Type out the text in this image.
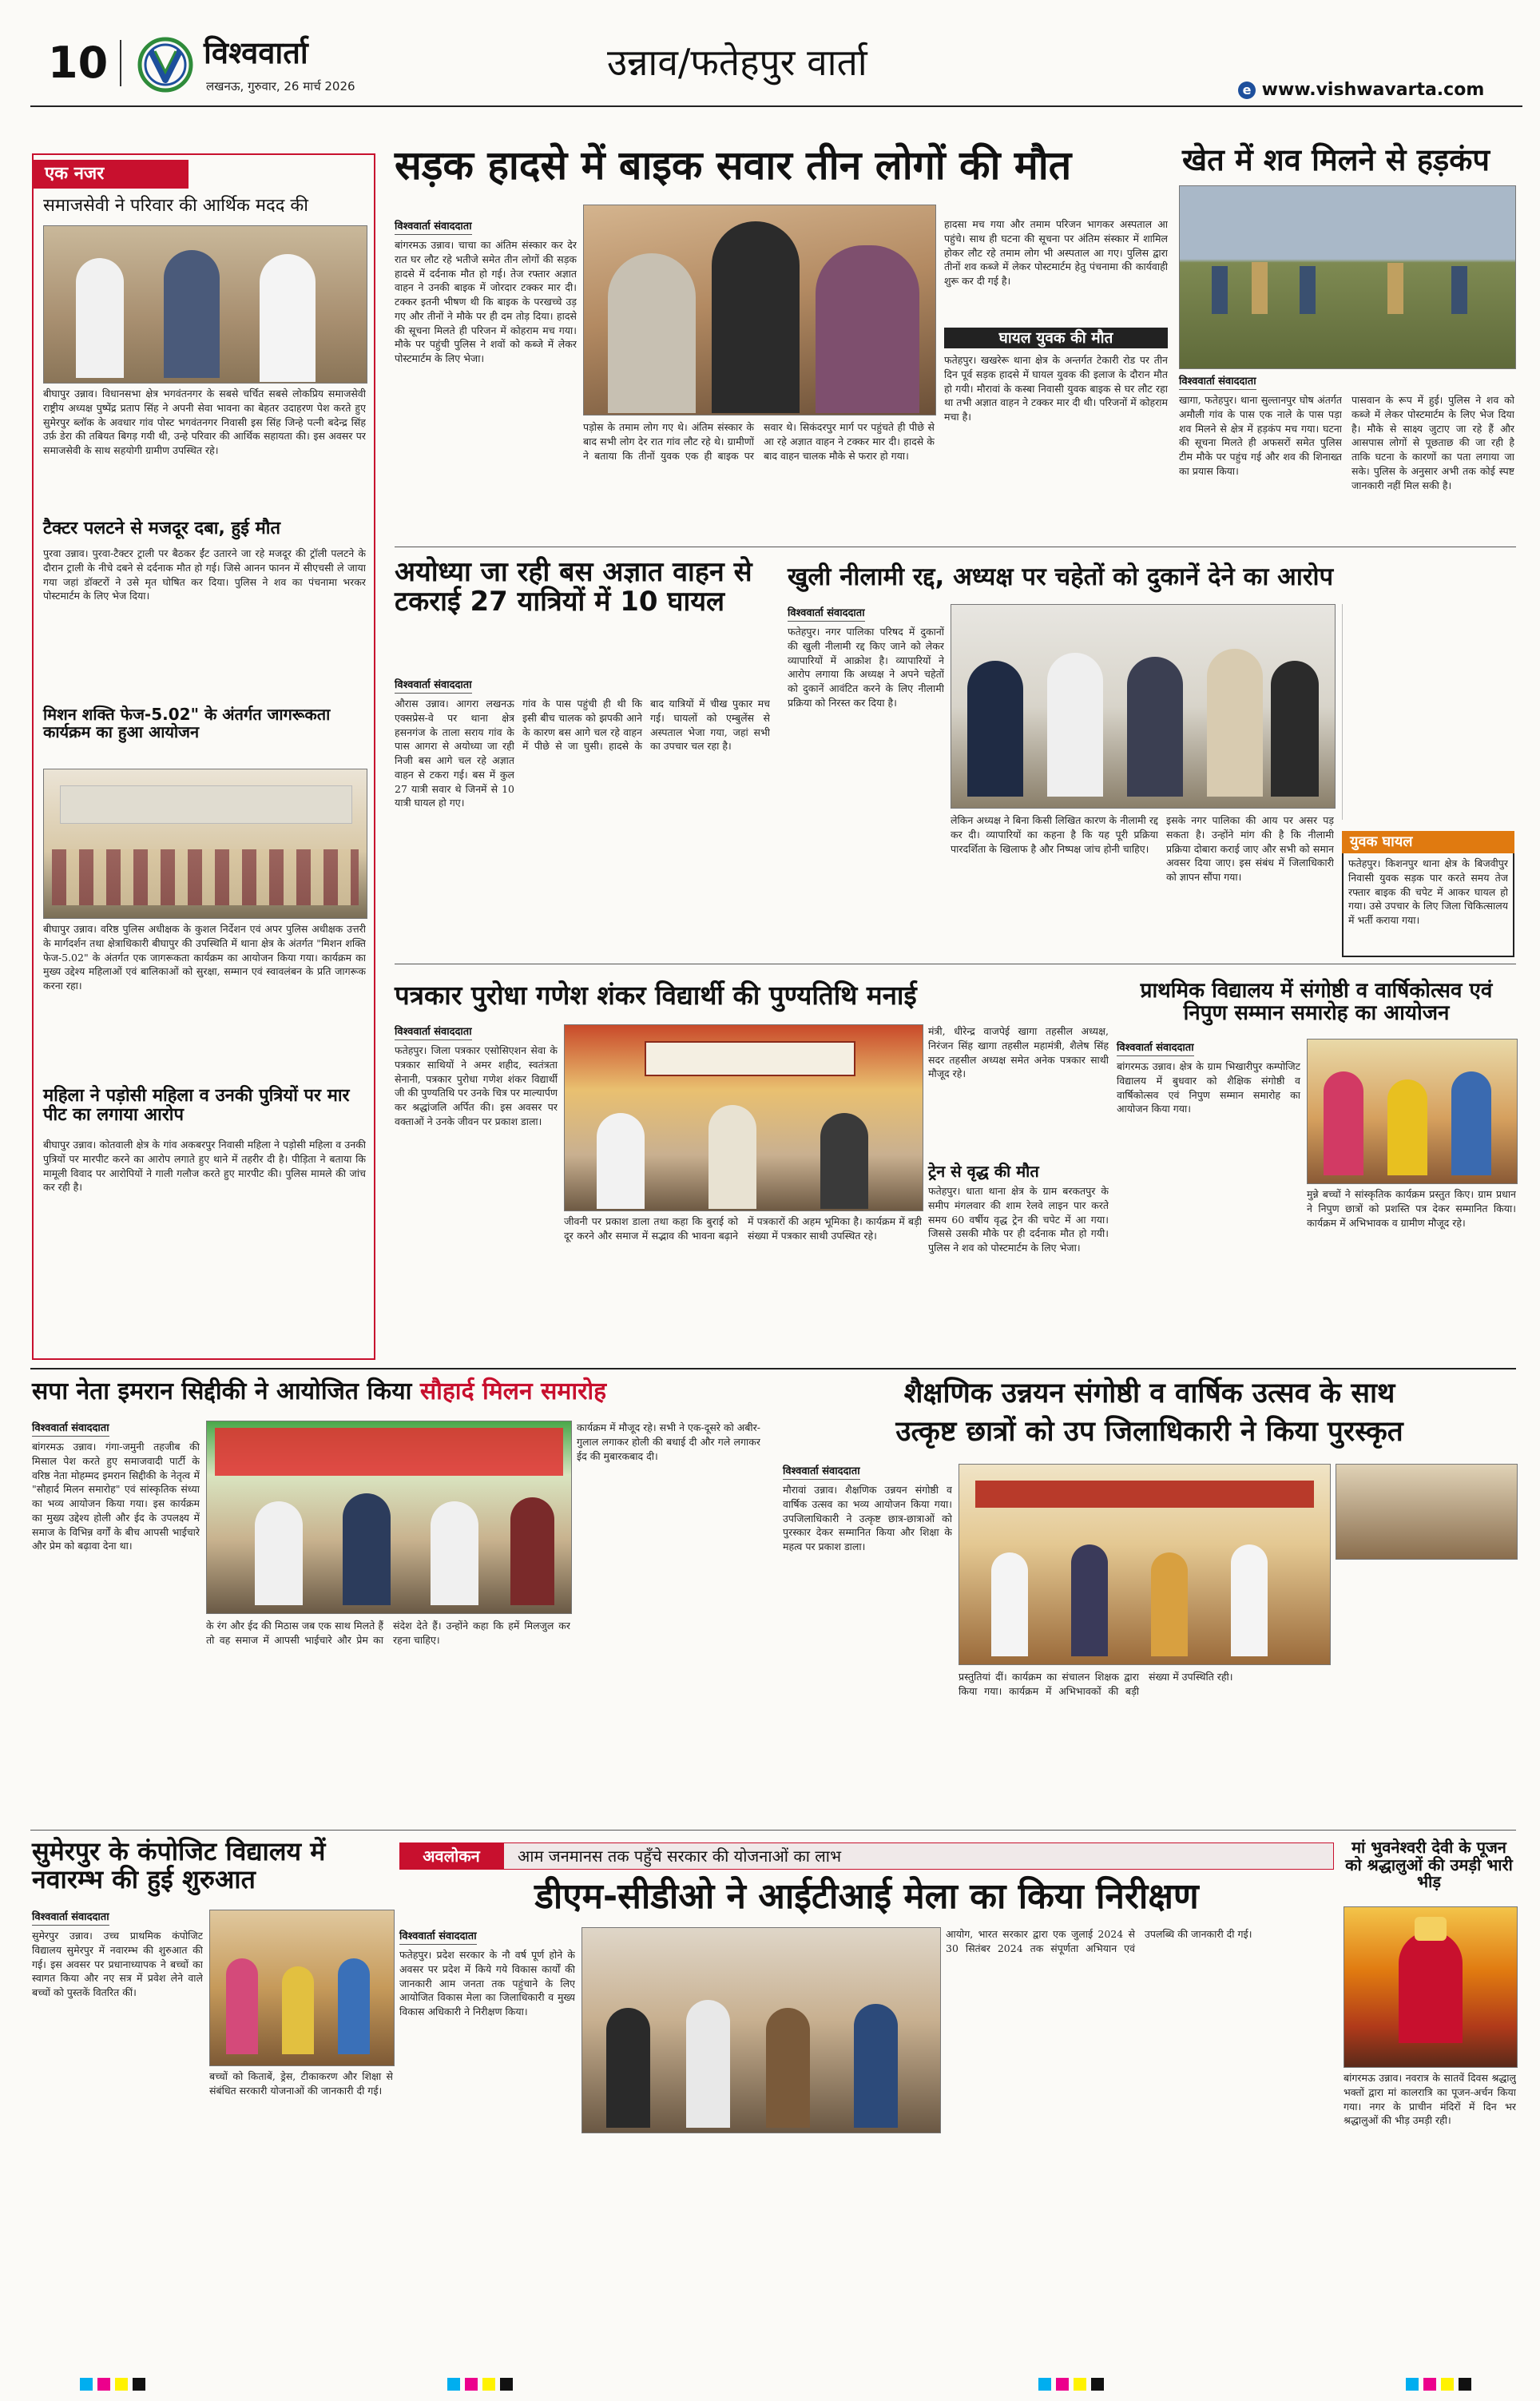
10	विश्ववार्ता
लखनऊ, गुरुवार, 26 मार्च 2026
उन्नाव/फतेहपुर वार्ता
e www.vishwavarta.com
एक नजर
समाजसेवी ने परिवार की आर्थिक मदद की
बीघापुर उन्नाव। विधानसभा क्षेत्र भगवंतनगर के सबसे चर्चित सबसे लोकप्रिय समाजसेवी राष्ट्रीय अध्यक्ष पुष्पेंद्र प्रताप सिंह ने अपनी सेवा भावना का बेहतर उदाहरण पेश करते हुए सुमेरपुर ब्लॉक के अवधार गांव पोस्ट भगवंतनगर निवासी इस सिंह जिन्हे पत्नी बदेन्द्र सिंह उर्फ़ डेरा की तबियत बिगड़ गयी थी, उन्हे परिवार की आर्थिक सहायता की। इस अवसर पर समाजसेवी के साथ सहयोगी ग्रामीण उपस्थित रहे।
टैक्टर पलटने से मजदूर दबा, हुई मौत
पुरवा उन्नाव। पुरवा-टैक्टर ट्राली पर बैठकर ईंट उतारने जा रहे मजदूर की ट्रॉली पलटने के दौरान ट्राली के नीचे दबने से दर्दनाक मौत हो गई। जिसे आनन फानन में सीएचसी ले जाया गया जहां डॉक्टरों ने उसे मृत घोषित कर दिया। पुलिस ने शव का पंचनामा भरकर पोस्टमार्टम के लिए भेज दिया।
मिशन शक्ति फेज-5.02" के अंतर्गत जागरूकता कार्यक्रम का हुआ आयोजन
बीघापुर उन्नाव। वरिष्ठ पुलिस अधीक्षक के कुशल निर्देशन एवं अपर पुलिस अधीक्षक उत्तरी के मार्गदर्शन तथा क्षेत्राधिकारी बीघापुर की उपस्थिति में थाना क्षेत्र के अंतर्गत "मिशन शक्ति फेज-5.02" के अंतर्गत एक जागरूकता कार्यक्रम का आयोजन किया गया। कार्यक्रम का मुख्य उद्देश्य महिलाओं एवं बालिकाओं को सुरक्षा, सम्मान एवं स्वावलंबन के प्रति जागरूक करना रहा।
महिला ने पड़ोसी महिला व उनकी पुत्रियों पर मार पीट का लगाया आरोप
बीघापुर उन्नाव। कोतवाली क्षेत्र के गांव अकबरपुर निवासी महिला ने पड़ोसी महिला व उनकी पुत्रियों पर मारपीट करने का आरोप लगाते हुए थाने में तहरीर दी है। पीड़िता ने बताया कि मामूली विवाद पर आरोपियों ने गाली गलौज करते हुए मारपीट की। पुलिस मामले की जांच कर रही है।
सड़क हादसे में बाइक सवार तीन लोगों की मौत
विश्ववार्ता संवाददाता
बांगरमऊ उन्नाव। चाचा का अंतिम संस्कार कर देर रात घर लौट रहे भतीजे समेत तीन लोगों की सड़क हादसे में दर्दनाक मौत हो गई। तेज रफ्तार अज्ञात वाहन ने उनकी बाइक में जोरदार टक्कर मार दी। टक्कर इतनी भीषण थी कि बाइक के परखच्चे उड़ गए और तीनों ने मौके पर ही दम तोड़ दिया। हादसे की सूचना मिलते ही परिजन में कोहराम मच गया। मौके पर पहुंची पुलिस ने शवों को कब्जे में लेकर पोस्टमार्टम के लिए भेजा।
पड़ोस के तमाम लोग गए थे। अंतिम संस्कार के बाद सभी लोग देर रात गांव लौट रहे थे। ग्रामीणों ने बताया कि तीनों युवक एक ही बाइक पर सवार थे। सिकंदरपुर मार्ग पर पहुंचते ही पीछे से आ रहे अज्ञात वाहन ने टक्कर मार दी। हादसे के बाद वाहन चालक मौके से फरार हो गया।
हादसा मच गया और तमाम परिजन भागकर अस्पताल आ पहुंचे। साथ ही घटना की सूचना पर अंतिम संस्कार में शामिल होकर लौट रहे तमाम लोग भी अस्पताल आ गए। पुलिस द्वारा तीनों शव कब्जे में लेकर पोस्टमार्टम हेतु पंचनामा की कार्यवाही शुरू कर दी गई है।
घायल युवक की मौत
फतेहपुर। खखरेरू थाना क्षेत्र के अन्तर्गत टेकारी रोड पर तीन दिन पूर्व सड़क हादसे में घायल युवक की इलाज के दौरान मौत हो गयी। मौरावां के कस्बा निवासी युवक बाइक से घर लौट रहा था तभी अज्ञात वाहन ने टक्कर मार दी थी। परिजनों में कोहराम मचा है।
खेत में शव मिलने से हड़कंप
विश्ववार्ता संवाददाता
खागा, फतेहपुर। थाना सुल्तानपुर घोष अंतर्गत अमौली गांव के पास एक नाले के पास पड़ा शव मिलने से क्षेत्र में हड़कंप मच गया। घटना की सूचना मिलते ही अफसरों समेत पुलिस टीम मौके पर पहुंच गई और शव की शिनाख्त का प्रयास किया।
पासवान के रूप में हुई। पुलिस ने शव को कब्जे में लेकर पोस्टमार्टम के लिए भेज दिया है। मौके से साक्ष्य जुटाए जा रहे हैं और आसपास लोगों से पूछताछ की जा रही है ताकि घटना के कारणों का पता लगाया जा सके। पुलिस के अनुसार अभी तक कोई स्पष्ट जानकारी नहीं मिल सकी है।
अयोध्या जा रही बस अज्ञात वाहन से टकराई 27 यात्रियों में 10 घायल
विश्ववार्ता संवाददाता
औरास उन्नाव। आगरा लखनऊ एक्सप्रेस-वे पर थाना क्षेत्र हसनगंज के ताला सराय गांव के पास आगरा से अयोध्या जा रही निजी बस आगे चल रहे अज्ञात वाहन से टकरा गई। बस में कुल 27 यात्री सवार थे जिनमें से 10 यात्री घायल हो गए।
गांव के पास पहुंची ही थी कि इसी बीच चालक को झपकी आने के कारण बस आगे चल रहे वाहन में पीछे से जा घुसी। हादसे के बाद यात्रियों में चीख पुकार मच गई। घायलों को एम्बुलेंस से अस्पताल भेजा गया, जहां सभी का उपचार चल रहा है।
खुली नीलामी रद्द, अध्यक्ष पर चहेतों को दुकानें देने का आरोप
विश्ववार्ता संवाददाता
फतेहपुर। नगर पालिका परिषद में दुकानों की खुली नीलामी रद्द किए जाने को लेकर व्यापारियों में आक्रोश है। व्यापारियों ने आरोप लगाया कि अध्यक्ष ने अपने चहेतों को दुकानें आवंटित करने के लिए नीलामी प्रक्रिया को निरस्त कर दिया है।
लेकिन अध्यक्ष ने बिना किसी लिखित कारण के नीलामी रद्द कर दी। व्यापारियों का कहना है कि यह पूरी प्रक्रिया पारदर्शिता के खिलाफ है और निष्पक्ष जांच होनी चाहिए।
इसके नगर पालिका की आय पर असर पड़ सकता है। उन्होंने मांग की है कि नीलामी प्रक्रिया दोबारा कराई जाए और सभी को समान अवसर दिया जाए। इस संबंध में जिलाधिकारी को ज्ञापन सौंपा गया।
युवक घायल
फतेहपुर। किशनपुर थाना क्षेत्र के बिजवीपुर निवासी युवक सड़क पार करते समय तेज रफ्तार बाइक की चपेट में आकर घायल हो गया। उसे उपचार के लिए जिला चिकित्सालय में भर्ती कराया गया।
पत्रकार पुरोधा गणेश शंकर विद्यार्थी की पुण्यतिथि मनाई
विश्ववार्ता संवाददाता
फतेहपुर। जिला पत्रकार एसोसिएशन सेवा के पत्रकार साथियों ने अमर शहीद, स्वतंत्रता सेनानी, पत्रकार पुरोधा गणेश शंकर विद्यार्थी जी की पुण्यतिथि पर उनके चित्र पर माल्यार्पण कर श्रद्धांजलि अर्पित की। इस अवसर पर वक्ताओं ने उनके जीवन पर प्रकाश डाला।
जीवनी पर प्रकाश डाला तथा कहा कि बुराई को दूर करने और समाज में सद्भाव की भावना बढ़ाने में पत्रकारों की अहम भूमिका है। कार्यक्रम में बड़ी संख्या में पत्रकार साथी उपस्थित रहे।
मंत्री, धीरेन्द्र वाजपेई खागा तहसील अध्यक्ष, निरंजन सिंह खागा तहसील महामंत्री, शैलेष सिंह सदर तहसील अध्यक्ष समेत अनेक पत्रकार साथी मौजूद रहे।
ट्रेन से वृद्ध की मौत
फतेहपुर। धाता थाना क्षेत्र के ग्राम बरकतपुर के समीप मंगलवार की शाम रेलवे लाइन पार करते समय 60 वर्षीय वृद्ध ट्रेन की चपेट में आ गया। जिससे उसकी मौके पर ही दर्दनाक मौत हो गयी। पुलिस ने शव को पोस्टमार्टम के लिए भेजा।
प्राथमिक विद्यालय में संगोष्ठी व वार्षिकोत्सव एवं निपुण सम्मान समारोह का आयोजन
विश्ववार्ता संवाददाता
बांगरमऊ उन्नाव। क्षेत्र के ग्राम भिखारीपुर कम्पोजिट विद्यालय में बुधवार को शैक्षिक संगोष्ठी व वार्षिकोत्सव एवं निपुण सम्मान समारोह का आयोजन किया गया।
मुन्ने बच्चों ने सांस्कृतिक कार्यक्रम प्रस्तुत किए। ग्राम प्रधान ने निपुण छात्रों को प्रशस्ति पत्र देकर सम्मानित किया। कार्यक्रम में अभिभावक व ग्रामीण मौजूद रहे।
सपा नेता इमरान सिद्दीकी ने आयोजित किया सौहार्द मिलन समारोह
विश्ववार्ता संवाददाता
बांगरमऊ उन्नाव। गंगा-जमुनी तहजीब की मिसाल पेश करते हुए समाजवादी पार्टी के वरिष्ठ नेता मोहम्मद इमरान सिद्दीकी के नेतृत्व में "सौहार्द मिलन समारोह" एवं सांस्कृतिक संध्या का भव्य आयोजन किया गया। इस कार्यक्रम का मुख्य उद्देश्य होली और ईद के उपलक्ष्य में समाज के विभिन्न वर्गों के बीच आपसी भाईचारे और प्रेम को बढ़ावा देना था।
के रंग और ईद की मिठास जब एक साथ मिलते हैं तो वह समाज में आपसी भाईचारे और प्रेम का संदेश देते हैं। उन्होंने कहा कि हमें मिलजुल कर रहना चाहिए।
कार्यक्रम में मौजूद रहे। सभी ने एक-दूसरे को अबीर-गुलाल लगाकर होली की बधाई दी और गले लगाकर ईद की मुबारकबाद दी।
शैक्षणिक उन्नयन संगोष्ठी व वार्षिक उत्सव के साथ
उत्कृष्ट छात्रों को उप जिलाधिकारी ने किया पुरस्कृत
विश्ववार्ता संवाददाता
मौरावां उन्नाव। शैक्षणिक उन्नयन संगोष्ठी व वार्षिक उत्सव का भव्य आयोजन किया गया। उपजिलाधिकारी ने उत्कृष्ट छात्र-छात्राओं को पुरस्कार देकर सम्मानित किया और शिक्षा के महत्व पर प्रकाश डाला।
प्रस्तुतियां दीं। कार्यक्रम का संचालन शिक्षक द्वारा किया गया। कार्यक्रम में अभिभावकों की बड़ी संख्या में उपस्थिति रही।
सुमेरपुर के कंपोजिट विद्यालय में नवारम्भ की हुई शुरुआत
विश्ववार्ता संवाददाता
सुमेरपुर उन्नाव। उच्च प्राथमिक कंपोजिट विद्यालय सुमेरपुर में नवारम्भ की शुरुआत की गई। इस अवसर पर प्रधानाध्यापक ने बच्चों का स्वागत किया और नए सत्र में प्रवेश लेने वाले बच्चों को पुस्तकें वितरित कीं।
बच्चों को किताबें, ड्रेस, टीकाकरण और शिक्षा से संबंधित सरकारी योजनाओं की जानकारी दी गई।
अवलोकन	आम जनमानस तक पहुँचे सरकार की योजनाओं का लाभ
डीएम-सीडीओ ने आईटीआई मेला का किया निरीक्षण
विश्ववार्ता संवाददाता
फतेहपुर। प्रदेश सरकार के नौ वर्ष पूर्ण होने के अवसर पर प्रदेश में किये गये विकास कार्यों की जानकारी आम जनता तक पहुंचाने के लिए आयोजित विकास मेला का जिलाधिकारी व मुख्य विकास अधिकारी ने निरीक्षण किया।
आयोग, भारत सरकार द्वारा एक जुलाई 2024 से 30 सितंबर 2024 तक संपूर्णता अभियान एवं उपलब्धि की जानकारी दी गई।
मां भुवनेश्वरी देवी के पूजन को श्रद्धालुओं की उमड़ी भारी भीड़
बांगरमऊ उन्नाव। नवरात्र के सातवें दिवस श्रद्धालु भक्तों द्वारा मां कालरात्रि का पूजन-अर्चन किया गया। नगर के प्राचीन मंदिरों में दिन भर श्रद्धालुओं की भीड़ उमड़ी रही।
